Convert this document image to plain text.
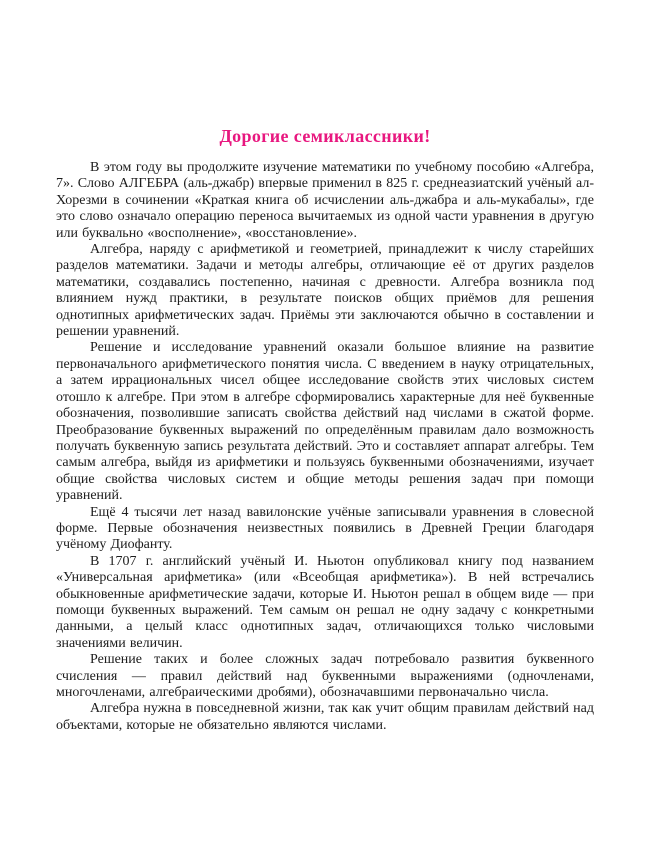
Дорогие семиклассники!

В этом году вы продолжите изучение математики по учебному пособию «Алгебра, 7». Слово АЛГЕБРА (аль-джабр) впервые применил в 825 г. среднеазиатский учёный ал-Хорезми в сочинении «Краткая книга об исчислении аль-джабра и аль-мукабалы», где это слово означало операцию переноса вычитаемых из одной части уравнения в другую или буквально «восполнение», «восстановление».

Алгебра, наряду с арифметикой и геометрией, принадлежит к числу старейших разделов математики. Задачи и методы алгебры, отличающие её от других разделов математики, создавались постепенно, начиная с древности. Алгебра возникла под влиянием нужд практики, в результате поисков общих приёмов для решения однотипных арифметических задач. Приёмы эти заключаются обычно в составлении и решении уравнений.

Решение и исследование уравнений оказали большое влияние на развитие первоначального арифметического понятия числа. С введением в науку отрицательных, а затем иррациональных чисел общее исследование свойств этих числовых систем отошло к алгебре. При этом в алгебре сформировались характерные для неё буквенные обозначения, позволившие записать свойства действий над числами в сжатой форме. Преобразование буквенных выражений по определённым правилам дало возможность получать буквенную запись результата действий. Это и составляет аппарат алгебры. Тем самым алгебра, выйдя из арифметики и пользуясь буквенными обозначениями, изучает общие свойства числовых систем и общие методы решения задач при помощи уравнений.

Ещё 4 тысячи лет назад вавилонские учёные записывали уравнения в словесной форме. Первые обозначения неизвестных появились в Древней Греции благодаря учёному Диофанту.

В 1707 г. английский учёный И. Ньютон опубликовал книгу под названием «Универсальная арифметика» (или «Всеобщая арифметика»). В ней встречались обыкновенные арифметические задачи, которые И. Ньютон решал в общем виде — при помощи буквенных выражений. Тем самым он решал не одну задачу с конкретными данными, а целый класс однотипных задач, отличающихся только числовыми значениями величин.

Решение таких и более сложных задач потребовало развития буквенного счисления — правил действий над буквенными выражениями (одночленами, многочленами, алгебраическими дробями), обозначавшими первоначально числа.

Алгебра нужна в повседневной жизни, так как учит общим правилам действий над объектами, которые не обязательно являются числами.
